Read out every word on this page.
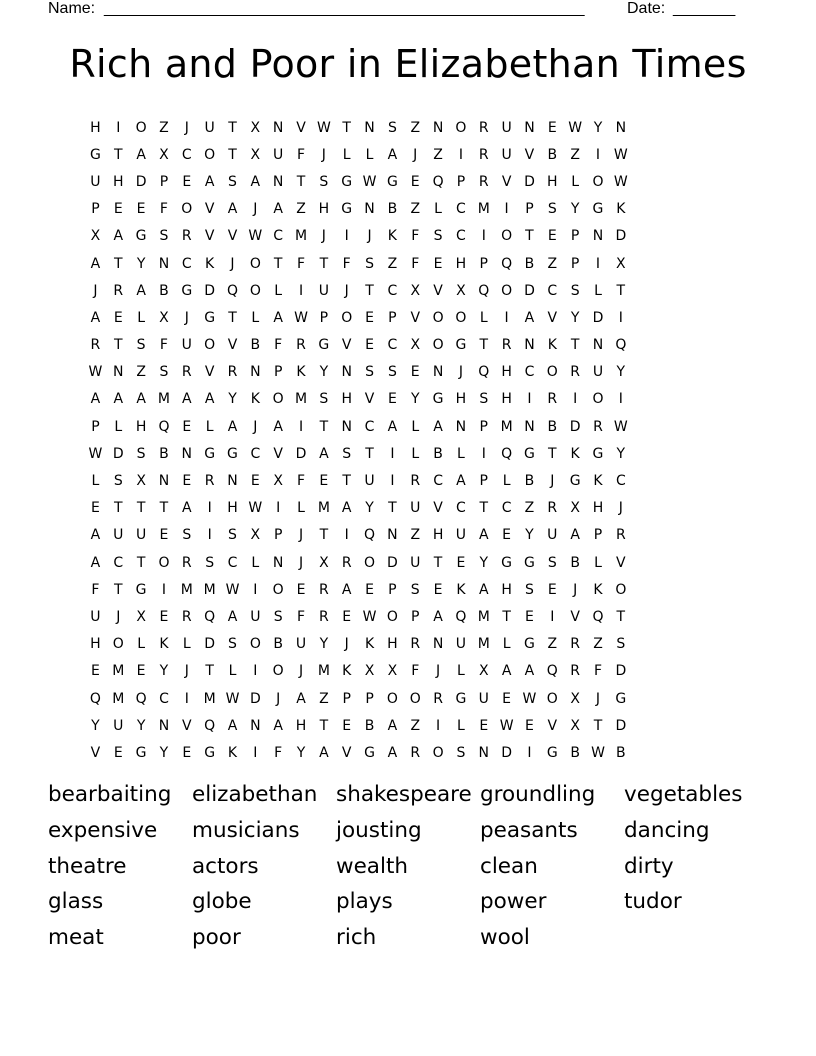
Name: ______________________________________________________	Date: _______
Rich and Poor in Elizabethan Times
H	I	O Z	J	U T X N V W T N S Z N O R U N E W Y N
G T A X C O T X U F	J	L	L	A	J	Z	I	R U V B Z	I W
U H D P	E A S A N T	S G W G E Q P R V D H L O W
P	E E	F O V A	J	A Z H G N B Z	L	C M	I	P	S	Y G K
X A G S R V V W C M	J	I	J	K	F	S C	I	O T	E	P N D
A T	Y N C K	J	O T	F	T	F	S Z	F	E H P Q B Z P	I	X
J	R A B G D Q O L	I	U	J	T C X V X Q O D C S	L	T
A E	L	X	J	G T	L	A W P O E	P V O O L	I	A V Y D	I
R T	S	F U O V B	F R G V E C X O G T R N K T N Q
W N Z S R V R N P	K Y N S S E N	J	Q H C O R U Y
A A A M A A Y K O M S H V E	Y G H S H	I	R	I	O	I
P	L H Q E	L	A	J	A	I	T N C A	L	A N P M N B D R W
W D S B N G G C V D A S	T	I	L	B	L	I	Q G T K G Y
L	S X N E R N E X	F	E	T U	I	R C A P	L	B	J	G K C
E	T	T	T A	I	H W I	L M A Y	T U V C T C Z R X H	J
A U U E S	I	S X P	J	T	I	Q N Z H U A E	Y U A P R
A C T O R S C	L N	J	X R O D U T	E	Y G G S B	L	V
F	T G	I	M M W I	O E R A E	P	S E K A H S E	J	K O
U	J	X E R Q A U S	F R E W O P A Q M T	E	I	V Q T
H O L	K	L D S O B U Y	J	K H R N U M L G Z R Z S
E M E	Y	J	T	L	I	O	J	M K X X	F	J	L	X A A Q R F D
Q M Q C	I	M W D	J	A Z P	P O O R G U E W O X	J	G
Y U Y N V Q A N A H T	E B A Z	I	L	E W E V X T D
V E G Y	E G K	I	F	Y A V G A R O S N D	I	G B W B
bearbaiting elizabethan shakespeare groundling	vegetables
expensive	musicians	jousting	peasants	dancing
theatre	actors	wealth	clean	dirty
glass	globe	plays	power	tudor
meat	poor	rich	wool
